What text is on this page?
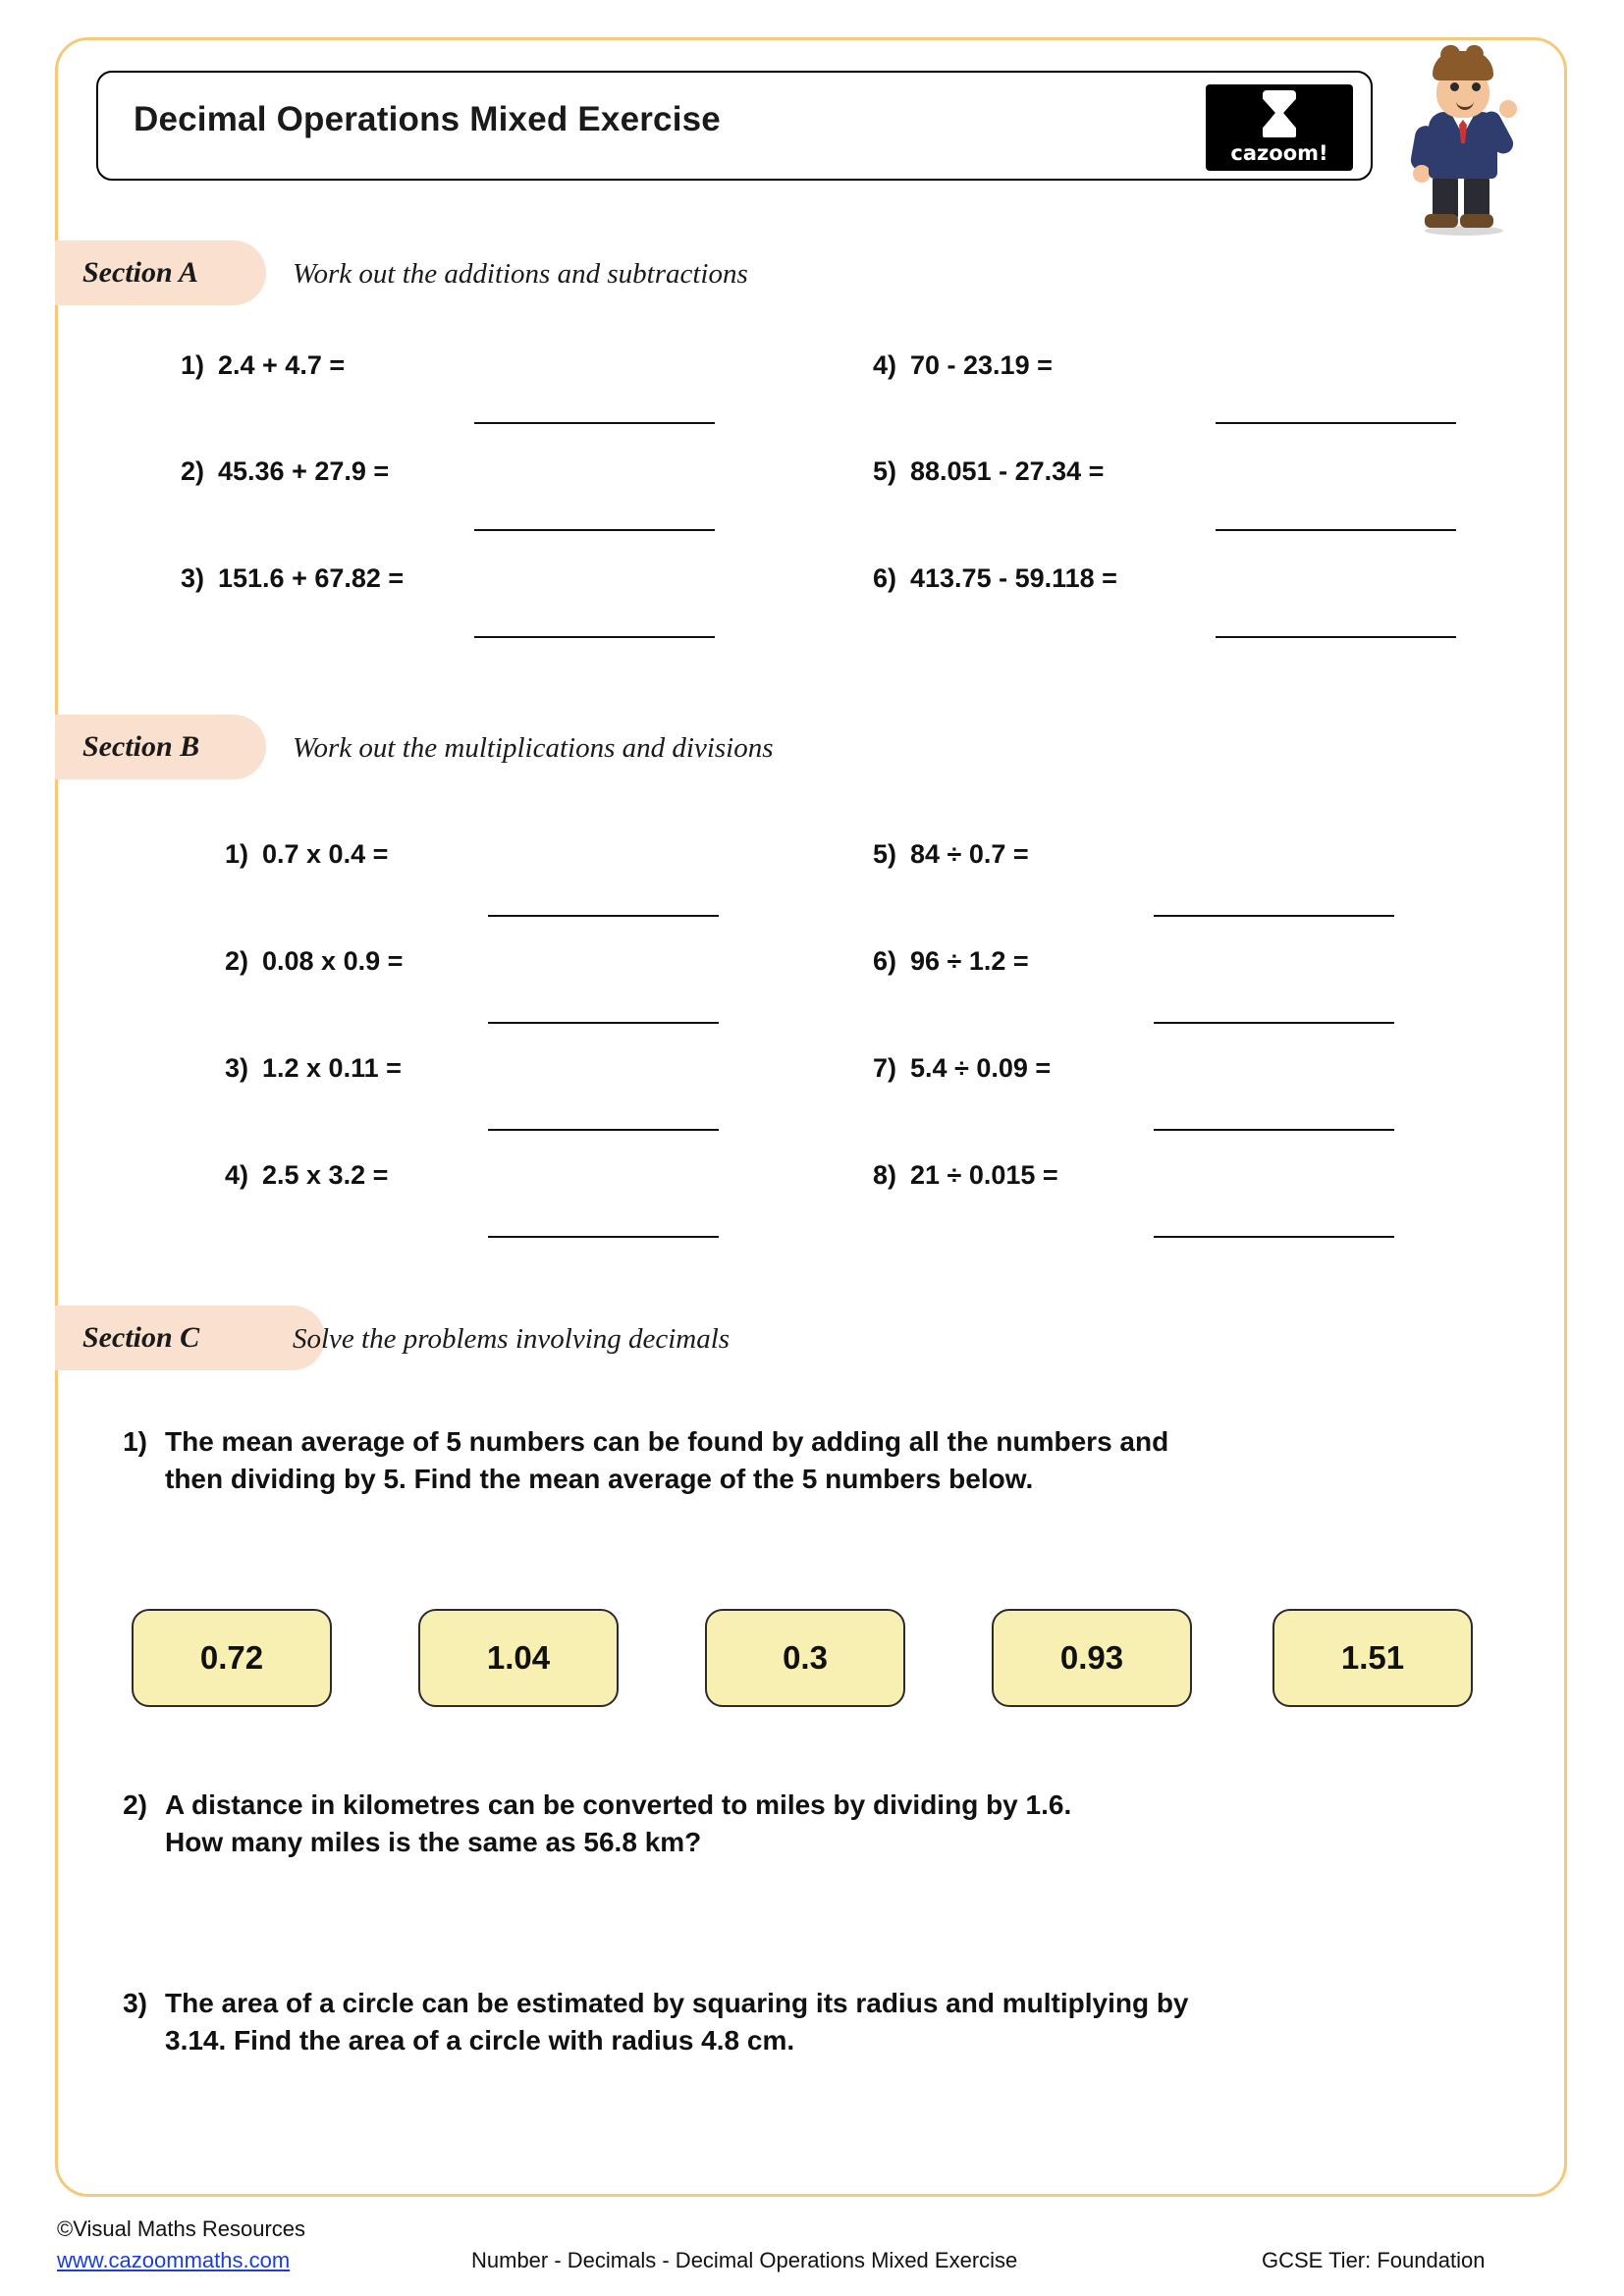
Decimal Operations Mixed Exercise
cazoom!
Section A	Work out the additions and subtractions
1) 2.4 + 4.7 =
2) 45.36 + 27.9 =
3) 151.6 + 67.82 =
4) 70 - 23.19 =
5) 88.051 - 27.34 =
6) 413.75 - 59.118 =
Section B	Work out the multiplications and divisions
1) 0.7 x 0.4 =
2) 0.08 x 0.9 =
3) 1.2 x 0.11 =
4) 2.5 x 3.2 =
5) 84 ÷ 0.7 =
6) 96 ÷ 1.2 =
7) 5.4 ÷ 0.09 =
8) 21 ÷ 0.015 =
Section C	Solve the problems involving decimals
1) The mean average of 5 numbers can be found by adding all the numbers and
then dividing by 5. Find the mean average of the 5 numbers below.
0.72	1.04	0.3	0.93	1.51
2) A distance in kilometres can be converted to miles by dividing by 1.6.
How many miles is the same as 56.8 km?
3) The area of a circle can be estimated by squaring its radius and multiplying by
3.14. Find the area of a circle with radius 4.8 cm.
©Visual Maths Resources
www.cazoommaths.com	Number - Decimals - Decimal Operations Mixed Exercise	GCSE Tier: Foundation
